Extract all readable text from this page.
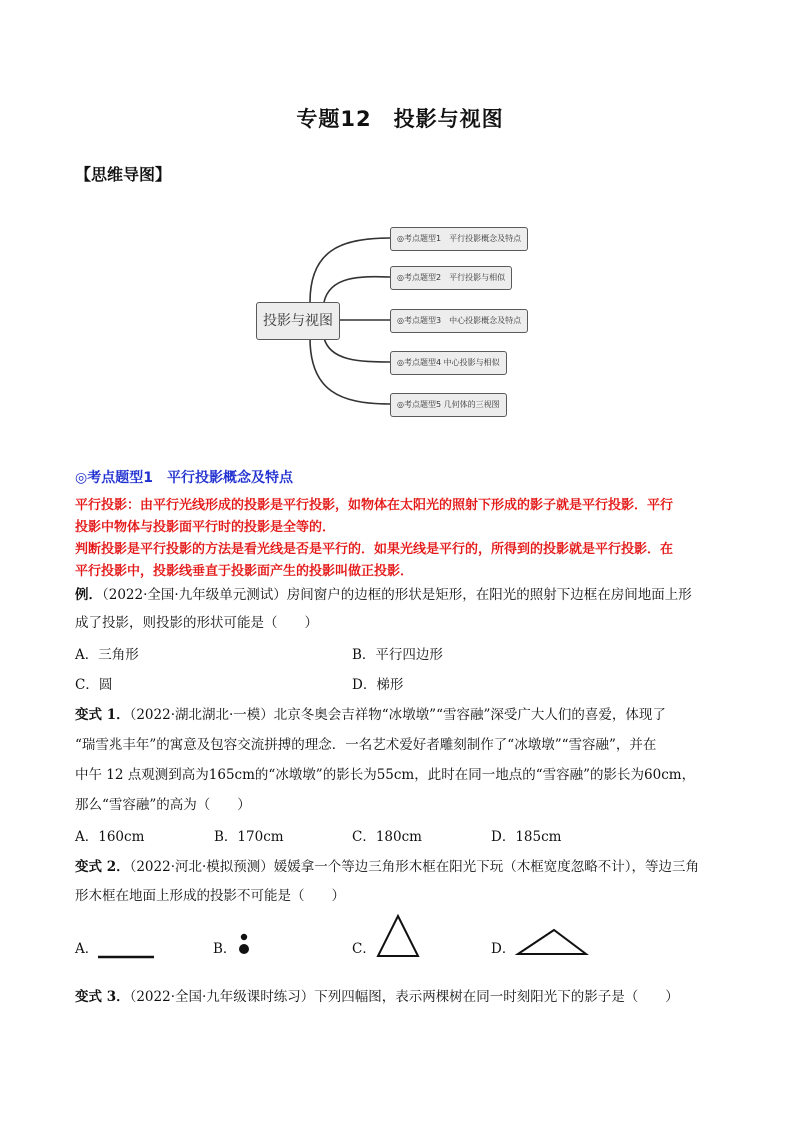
专题12　投影与视图
【思维导图】
投影与视图
◎考点题型1　平行投影概念及特点
◎考点题型2　平行投影与相似
◎考点题型3　中心投影概念及特点
◎考点题型4 中心投影与相似
◎考点题型5 几何体的三视图
◎考点题型1　平行投影概念及特点
平行投影：由平行光线形成的投影是平行投影，如物体在太阳光的照射下形成的影子就是平行投影．平行
投影中物体与投影面平行时的投影是全等的．
判断投影是平行投影的方法是看光线是否是平行的．如果光线是平行的，所得到的投影就是平行投影．在
平行投影中，投影线垂直于投影面产生的投影叫做正投影．
例．（2022·全国·九年级单元测试）房间窗户的边框的形状是矩形，在阳光的照射下边框在房间地面上形
成了投影，则投影的形状可能是（　　）
A．三角形	B．平行四边形
C．圆	D．梯形
变式 1．（2022·湖北湖北·一模）北京冬奥会吉祥物“冰墩墩”“雪容融”深受广大人们的喜爱，体现了
“瑞雪兆丰年”的寓意及包容交流拼搏的理念．一名艺术爱好者雕刻制作了“冰墩墩”“雪容融”，并在
中午 12 点观测到高为165cm的“冰墩墩”的影长为55cm，此时在同一地点的“雪容融”的影长为60cm，
那么“雪容融”的高为（　　）
A．160cm	B．170cm	C．180cm	D．185cm
变式 2．（2022·河北·模拟预测）媛媛拿一个等边三角形木框在阳光下玩（木框宽度忽略不计），等边三角
形木框在地面上形成的投影不可能是（　　）
A．	B．	C．	D．
变式 3．（2022·全国·九年级课时练习）下列四幅图，表示两棵树在同一时刻阳光下的影子是（　　）
